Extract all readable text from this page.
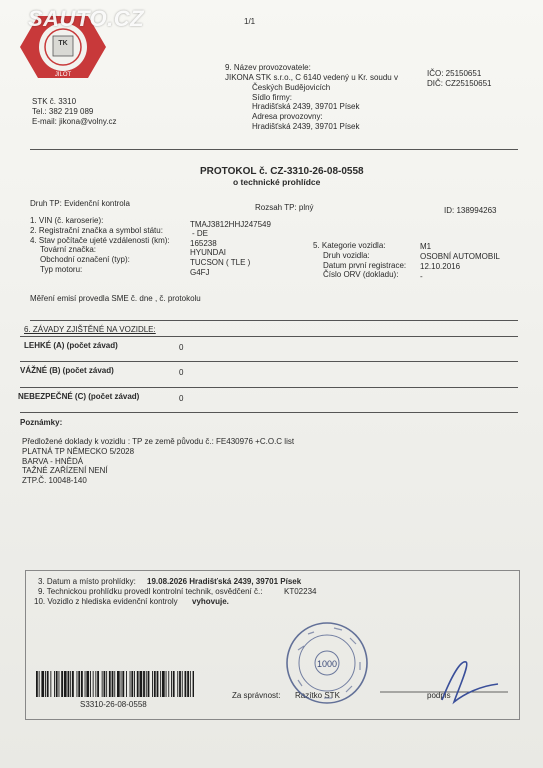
TK
JILOT
SAUTO.CZ	1/1
9. Název provozovatele:
JIKONA STK s.r.o., C 6140 vedený u Kr. soudu v
Českých Budějovicích
Sídlo firmy:
Hradišťská 2439, 39701 Písek
Adresa provozovny:
Hradišťská 2439, 39701 Písek
IČO: 25150651
DIČ: CZ25150651
STK č. 3310
Tel.: 382 219 089
E-mail: jikona@volny.cz
PROTOKOL č. CZ-3310-26-08-0558
o technické prohlídce
Druh TP: Evidenční kontrola	Rozsah TP: plný	ID: 138994263
1. VIN (č. karoserie):	TMAJ3812HHJ247549
2. Registrační značka a symbol státu:	- DE
4. Stav počítače ujeté vzdálenosti (km):	165238
Tovární značka:	HYUNDAI
Obchodní označení (typ):	TUCSON ( TLE )
Typ motoru:	G4FJ
5. Kategorie vozidla:	M1
Druh vozidla:	OSOBNÍ AUTOMOBIL
Datum první registrace: 12.10.2016
Číslo ORV (dokladu):	-
Měření emisí provedla SME č. dne , č. protokolu
6. ZÁVADY ZJIŠTĚNÉ NA VOZIDLE:
LEHKÉ (A) (počet závad)	0
VÁŽNÉ (B) (počet závad)	0
NEBEZPEČNÉ (C) (počet závad)	0
Poznámky:
Předložené doklady k vozidlu : TP ze země původu č.: FE430976 +C.O.C list
PLATNÁ TP NĚMECKO 5/2028
BARVA - HNĚDÁ
TAŽNÉ ZAŘÍZENÍ NENÍ
ZTP.Č. 10048-140
3. Datum a místo prohlídky: 19.08.2026 Hradišťská 2439, 39701 Písek
9. Technickou prohlídku provedl kontrolní technik, osvědčení č.:	KT02234
10. Vozidlo z hlediska evidenční kontroly vyhovuje.
S3310-26-08-0558
Za správnost: Razítko STK	podpis
1000
